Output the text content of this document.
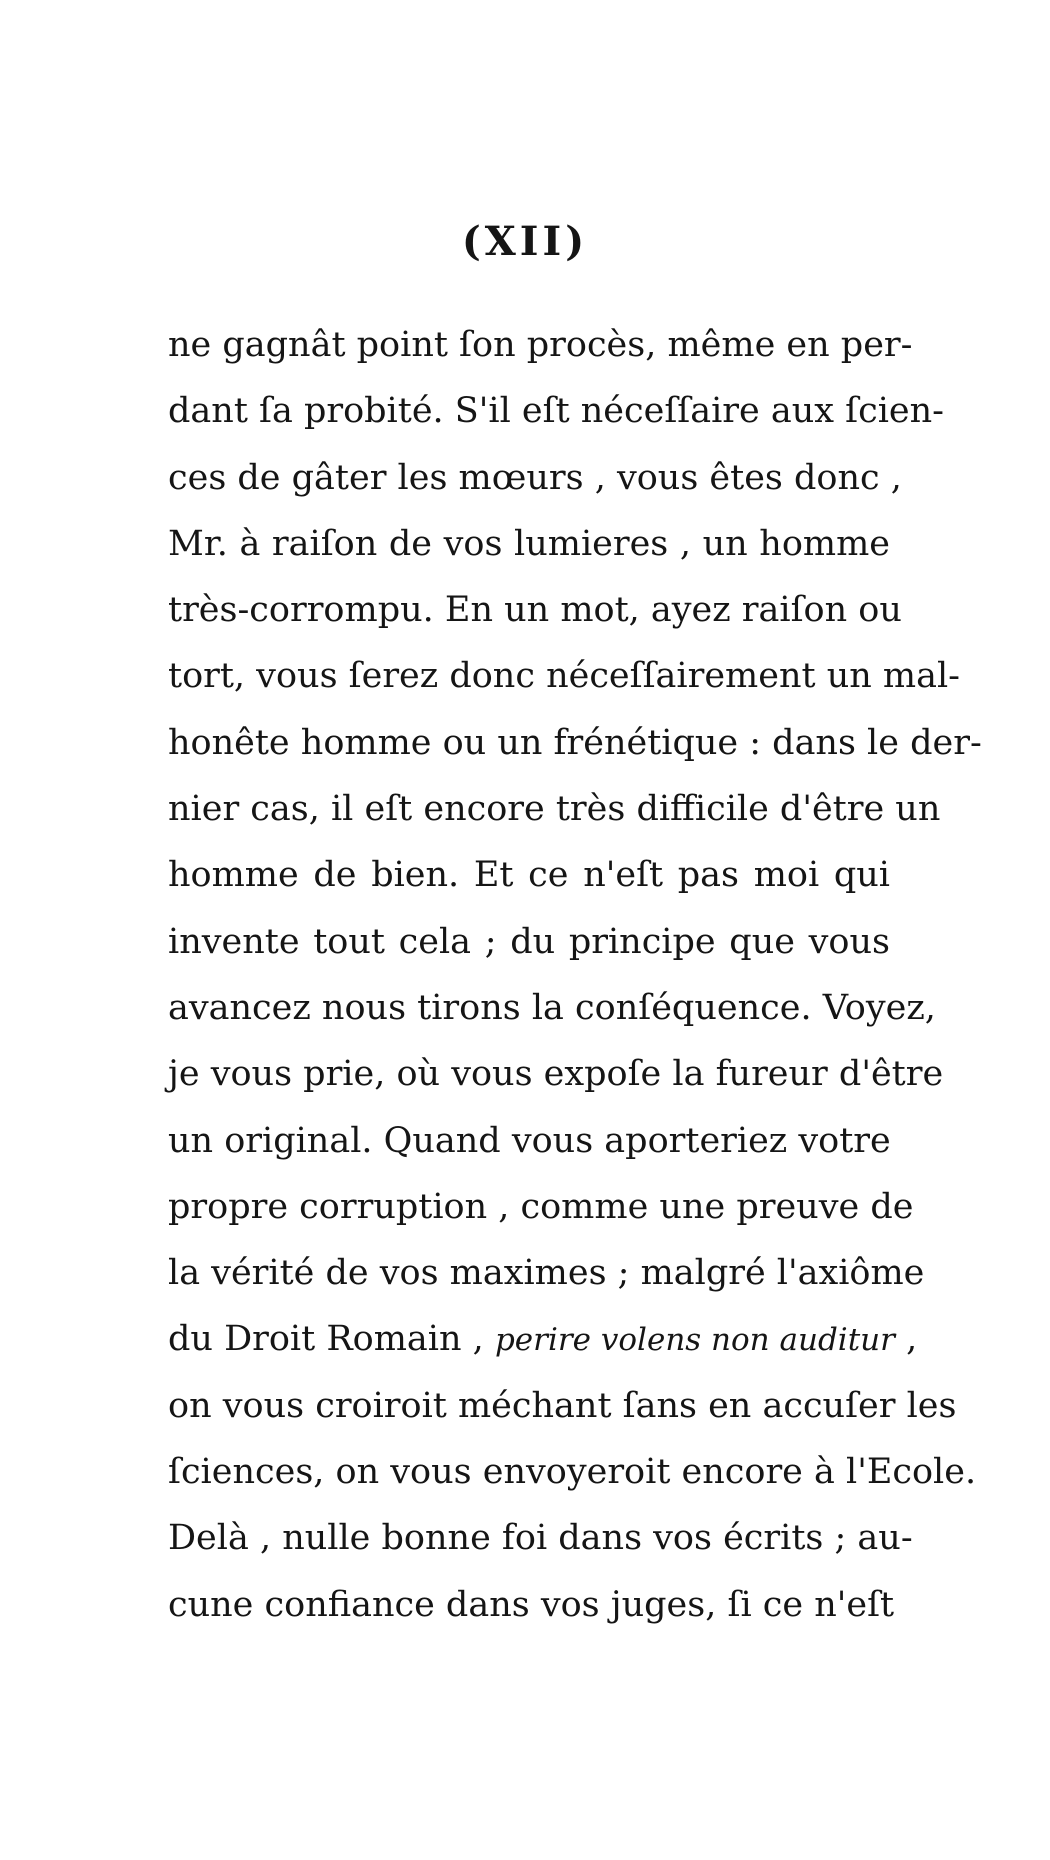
(XII)
ne gagnât point ſon procès, même en per-
dant ſa probité. S'il eſt néceſſaire aux ſcien-
ces de gâter les mœurs , vous êtes donc ,
Mr. à raiſon de vos lumieres , un homme
très-corrompu. En un mot, ayez raiſon ou
tort, vous ſerez donc néceſſairement un mal-
honête homme ou un frénétique : dans le der-
nier cas, il eſt encore très difficile d'être un
homme de bien. Et ce n'eſt pas moi qui
invente tout cela ; du principe que vous
avancez nous tirons la conſéquence. Voyez,
je vous prie, où vous expoſe la fureur d'être
un original. Quand vous aporteriez votre
propre corruption , comme une preuve de
la vérité de vos maximes ; malgré l'axiôme
du Droit Romain , perire volens non auditur ,
on vous croiroit méchant ſans en accuſer les
ſciences, on vous envoyeroit encore à l'Ecole.
Delà , nulle bonne foi dans vos écrits ; au-
cune confiance dans vos juges, ſi ce n'eſt
